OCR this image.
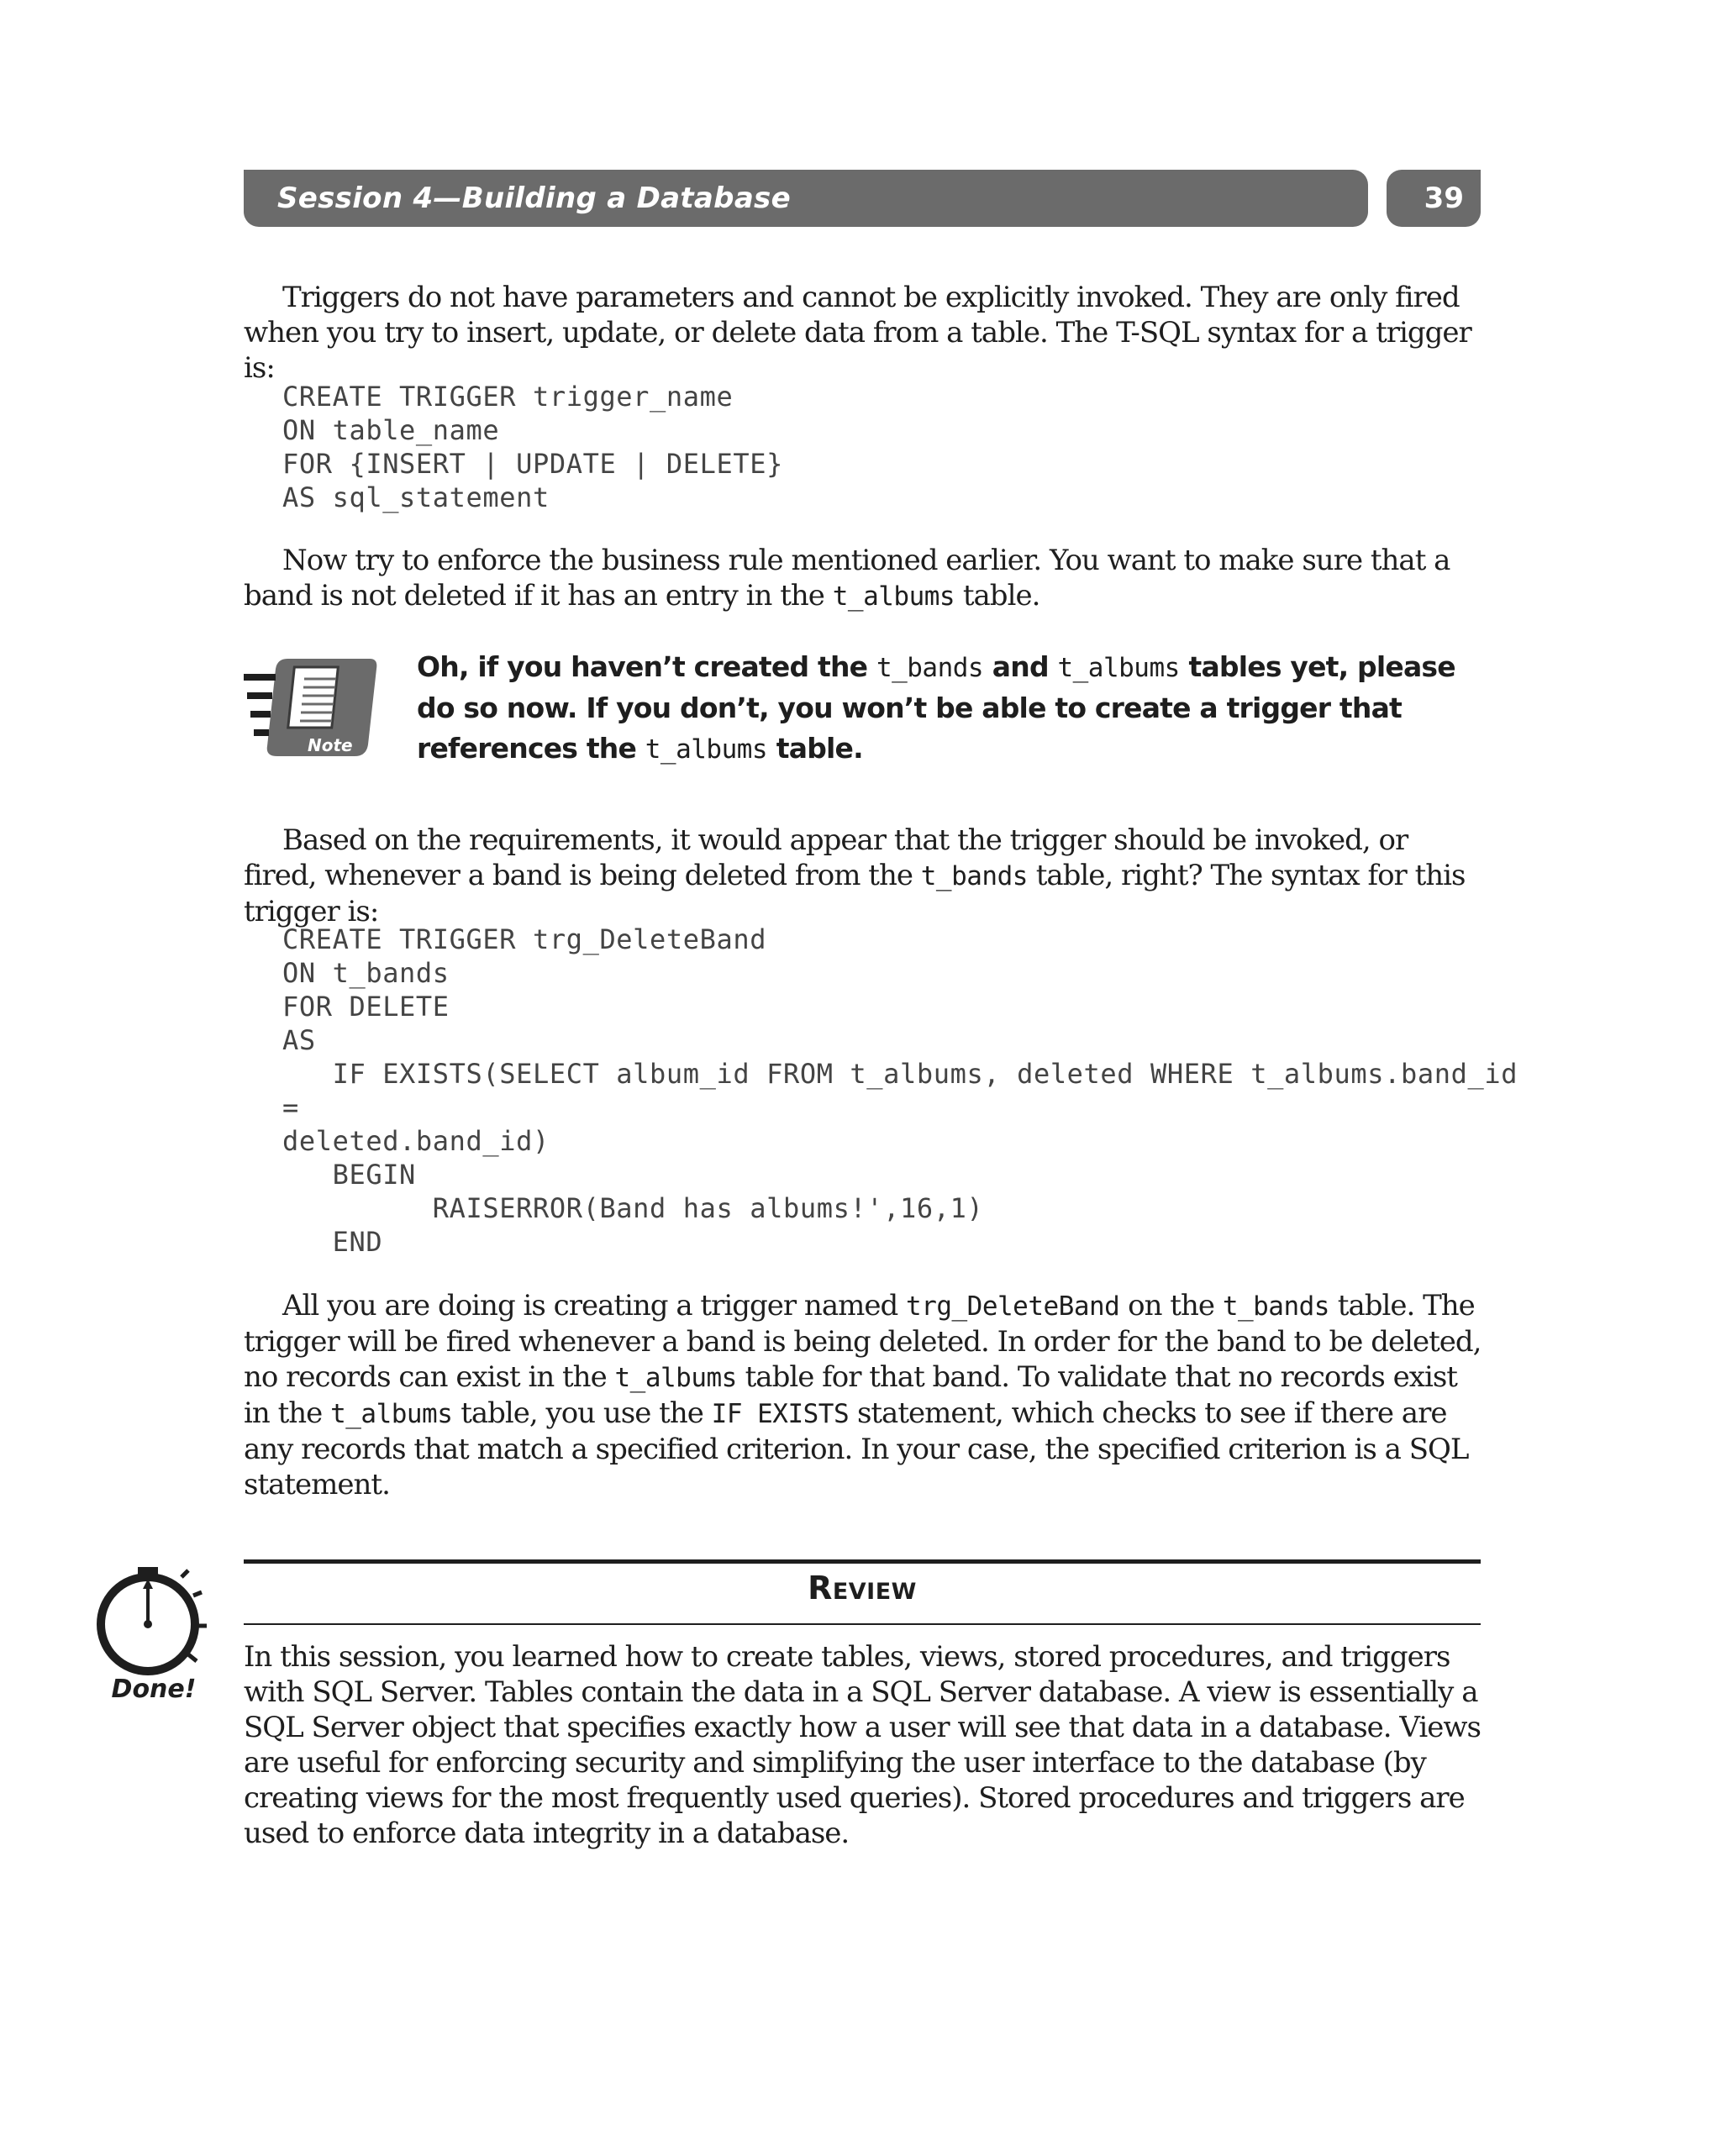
Session 4—Building a Database	39

Triggers do not have parameters and cannot be explicitly invoked. They are only fired when you try to insert, update, or delete data from a table. The T-SQL syntax for a trigger is:

CREATE TRIGGER trigger_name
ON table_name
FOR {INSERT | UPDATE | DELETE}
AS sql_statement

Now try to enforce the business rule mentioned earlier. You want to make sure that a band is not deleted if it has an entry in the t_albums table.

Note

Oh, if you haven’t created the t_bands and t_albums tables yet, please do so now. If you don’t, you won’t be able to create a trigger that references the t_albums table.

Based on the requirements, it would appear that the trigger should be invoked, or fired, whenever a band is being deleted from the t_bands table, right? The syntax for this trigger is:

CREATE TRIGGER trg_DeleteBand
ON t_bands
FOR DELETE
AS
IF EXISTS(SELECT album_id FROM t_albums, deleted WHERE t_albums.band_id
=
deleted.band_id)
BEGIN
RAISERROR(Band has albums!',16,1)
END

All you are doing is creating a trigger named trg_DeleteBand on the t_bands table. The trigger will be fired whenever a band is being deleted. In order for the band to be deleted, no records can exist in the t_albums table for that band. To validate that no records exist in the t_albums table, you use the IF EXISTS statement, which checks to see if there are any records that match a specified criterion. In your case, the specified criterion is a SQL statement.

Review
Done!

In this session, you learned how to create tables, views, stored procedures, and triggers with SQL Server. Tables contain the data in a SQL Server database. A view is essentially a SQL Server object that specifies exactly how a user will see that data in a database. Views are useful for enforcing security and simplifying the user interface to the database (by creating views for the most frequently used queries). Stored procedures and triggers are used to enforce data integrity in a database.
